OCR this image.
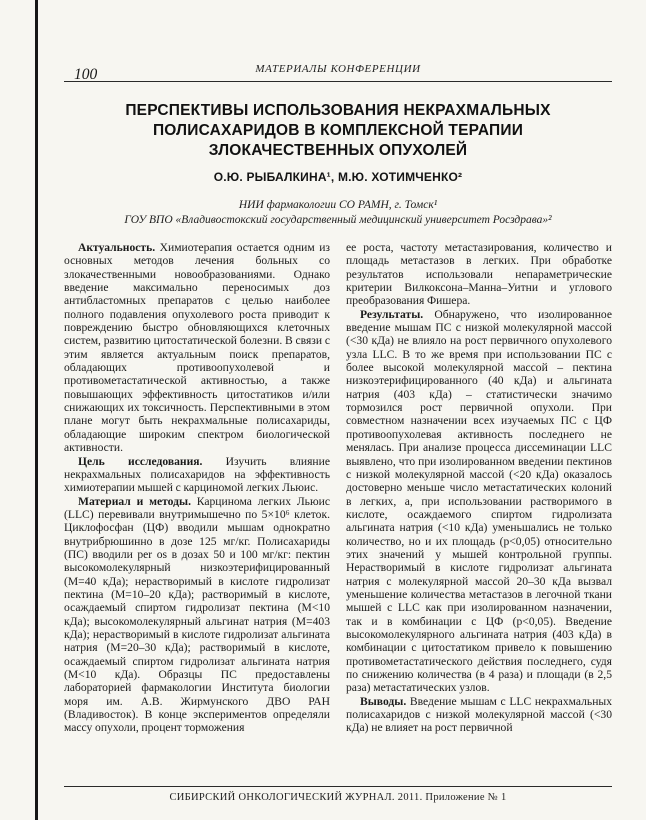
МАТЕРИАЛЫ КОНФЕРЕНЦИИ
100
ПЕРСПЕКТИВЫ ИСПОЛЬЗОВАНИЯ НЕКРАХМАЛЬНЫХ
ПОЛИСАХАРИДОВ В КОМПЛЕКСНОЙ ТЕРАПИИ
ЗЛОКАЧЕСТВЕННЫХ ОПУХОЛЕЙ
О.Ю. РЫБАЛКИНА¹, М.Ю. ХОТИМЧЕНКО²
НИИ фармакологии СО РАМН, г. Томск¹
ГОУ ВПО «Владивостокский государственный медицинский университет Росздрава»²

Актуальность. Химиотерапия остается одним из основных методов лечения больных со злокачественными новообразованиями. Однако введение максимально переносимых доз антибластомных препаратов с целью наиболее полного подавления опухолевого роста приводит к повреждению быстро обновляющихся клеточных систем, развитию цитостатической болезни. В связи с этим является актуальным поиск препаратов, обладающих противоопухолевой и противометастатической активностью, а также повышающих эффективность цитостатиков и/или снижающих их токсичность. Перспективными в этом плане могут быть некрахмальные полисахариды, обладающие широким спектром биологической активности.

Цель исследования. Изучить влияние некрахмальных полисахаридов на эффективность химиотерапии мышей с карциномой легких Льюис.

Материал и методы. Карцинома легких Льюис (LLC) перевивали внутримышечно по 5×10⁶ клеток. Циклофосфан (ЦФ) вводили мышам однократно внутрибрюшинно в дозе 125 мг/кг. Полисахариды (ПС) вводили per os в дозах 50 и 100 мг/кг: пектин высокомолекулярный низкоэтерифицированный (М=40 кДа); нерастворимый в кислоте гидролизат пектина (М=10–20 кДа); растворимый в кислоте, осаждаемый спиртом гидролизат пектина (М<10 кДа); высокомолекулярный альгинат натрия (М=403 кДа); нерастворимый в кислоте гидролизат альгината натрия (М=20–30 кДа); растворимый в кислоте, осаждаемый спиртом гидролизат альгината натрия (М<10 кДа). Образцы ПС предоставлены лабораторией фармакологии Института биологии моря им. А.В. Жирмунского ДВО РАН (Владивосток). В конце экспериментов определяли массу опухоли, процент торможения

ее роста, частоту метастазирования, количество и площадь метастазов в легких. При обработке результатов использовали непараметрические критерии Вилкоксона–Манна–Уитни и углового преобразования Фишера.

Результаты. Обнаружено, что изолированное введение мышам ПС с низкой молекулярной массой (<30 кДа) не влияло на рост первичного опухолевого узла LLC. В то же время при использовании ПС с более высокой молекулярной массой – пектина низкоэтерифицированного (40 кДа) и альгината натрия (403 кДа) – статистически значимо тормозился рост первичной опухоли. При совместном назначении всех изучаемых ПС с ЦФ противоопухолевая активность последнего не менялась. При анализе процесса диссеминации LLC выявлено, что при изолированном введении пектинов с низкой молекулярной массой (<20 кДа) оказалось достоверно меньше число метастатических колоний в легких, а, при использовании растворимого в кислоте, осаждаемого спиртом гидролизата альгината натрия (<10 кДа) уменьшались не только количество, но и их площадь (р<0,05) относительно этих значений у мышей контрольной группы. Нерастворимый в кислоте гидролизат альгината натрия с молекулярной массой 20–30 кДа вызвал уменьшение количества метастазов в легочной ткани мышей с LLC как при изолированном назначении, так и в комбинации с ЦФ (р<0,05). Введение высокомолекулярного альгината натрия (403 кДа) в комбинации с цитостатиком привело к повышению противометастатического действия последнего, судя по снижению количества (в 4 раза) и площади (в 2,5 раза) метастатических узлов.

Выводы. Введение мышам с LLC некрахмальных полисахаридов с низкой молекулярной массой (<30 кДа) не влияет на рост первичной

СИБИРСКИЙ ОНКОЛОГИЧЕСКИЙ ЖУРНАЛ. 2011. Приложение № 1
